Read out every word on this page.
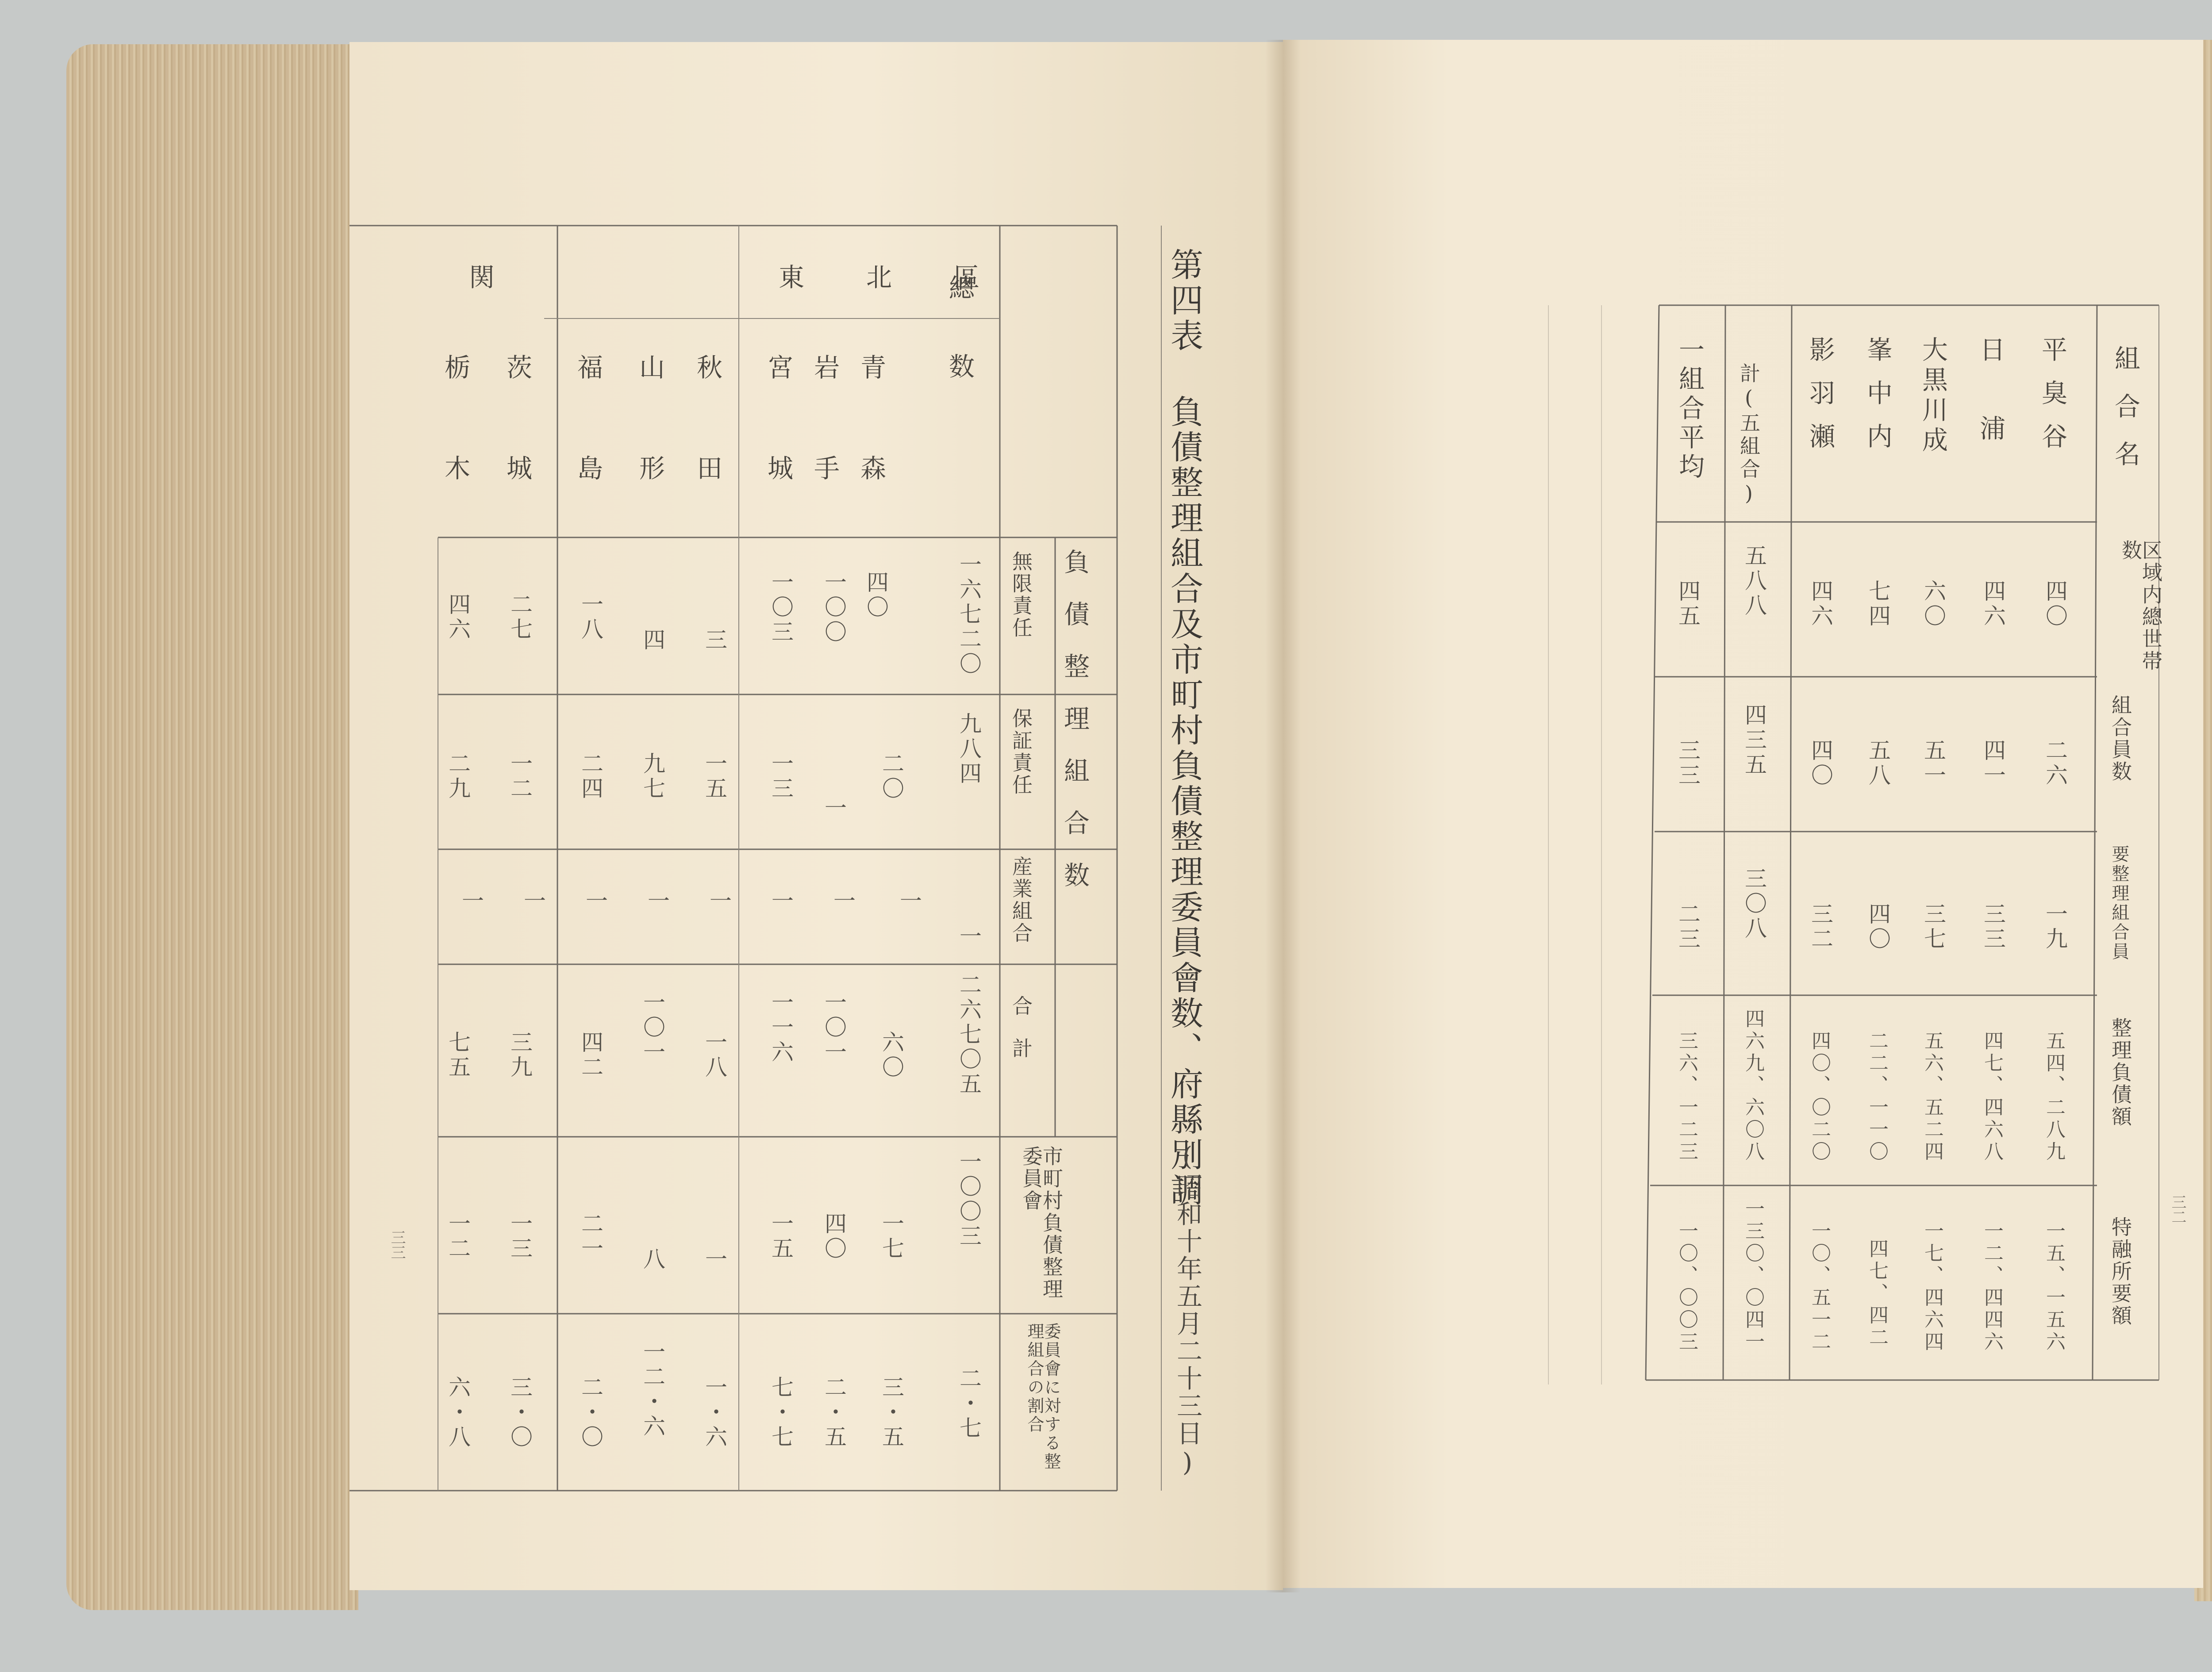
第四表 負債整理組合及市町村負債整理委員會数、府縣別調
(昭和十年五月二十三日)
總数
負債整理組合数
無限責任
保証責任
産業組合
合計
市町村負債整理委員會
委員會に対する整理組合の割合
東北區
関
青森
岩手
宮城
秋田
山形
福島
茨城
栃木
一六七二〇
四〇
一〇〇
一〇三
三
四
一八
二七
四六
九八四
二〇
一
一三
一五
九七
二四
一二
二九
一
一
一
一
一
一
一
一
一
二六七〇五
六〇
一〇一
一一六
一八
一〇一
四二
三九
七五
一〇〇三
一七
四〇
一五
一
八
二一
一三
一二
二・七
三・五
二・五
七・七
一・六
一二・六
二・〇
三・〇
六・八
三三
組合名
区域内總世帯数
組合員数
要整理組合員
整理負債額
特融所要額
平臭谷
日浦
大黒川成
峯中内
影羽瀬
計(五組合)
一組合平均
四〇
四六
六〇
七四
四六
五八八
四五
二六
四一
五一
五八
四〇
四三五
三三
一九
三三
三七
四〇
三二
三〇八
二三
五四、二八九
四七、四六八
五六、五二四
二二、一一〇
四〇、〇二〇
四六九、六〇八
三六、一二三
一五、一五六
一二、四四六
一七、四六四
四七、四二
一〇、五一二
一三〇、〇四一
一〇、〇〇三
三二
